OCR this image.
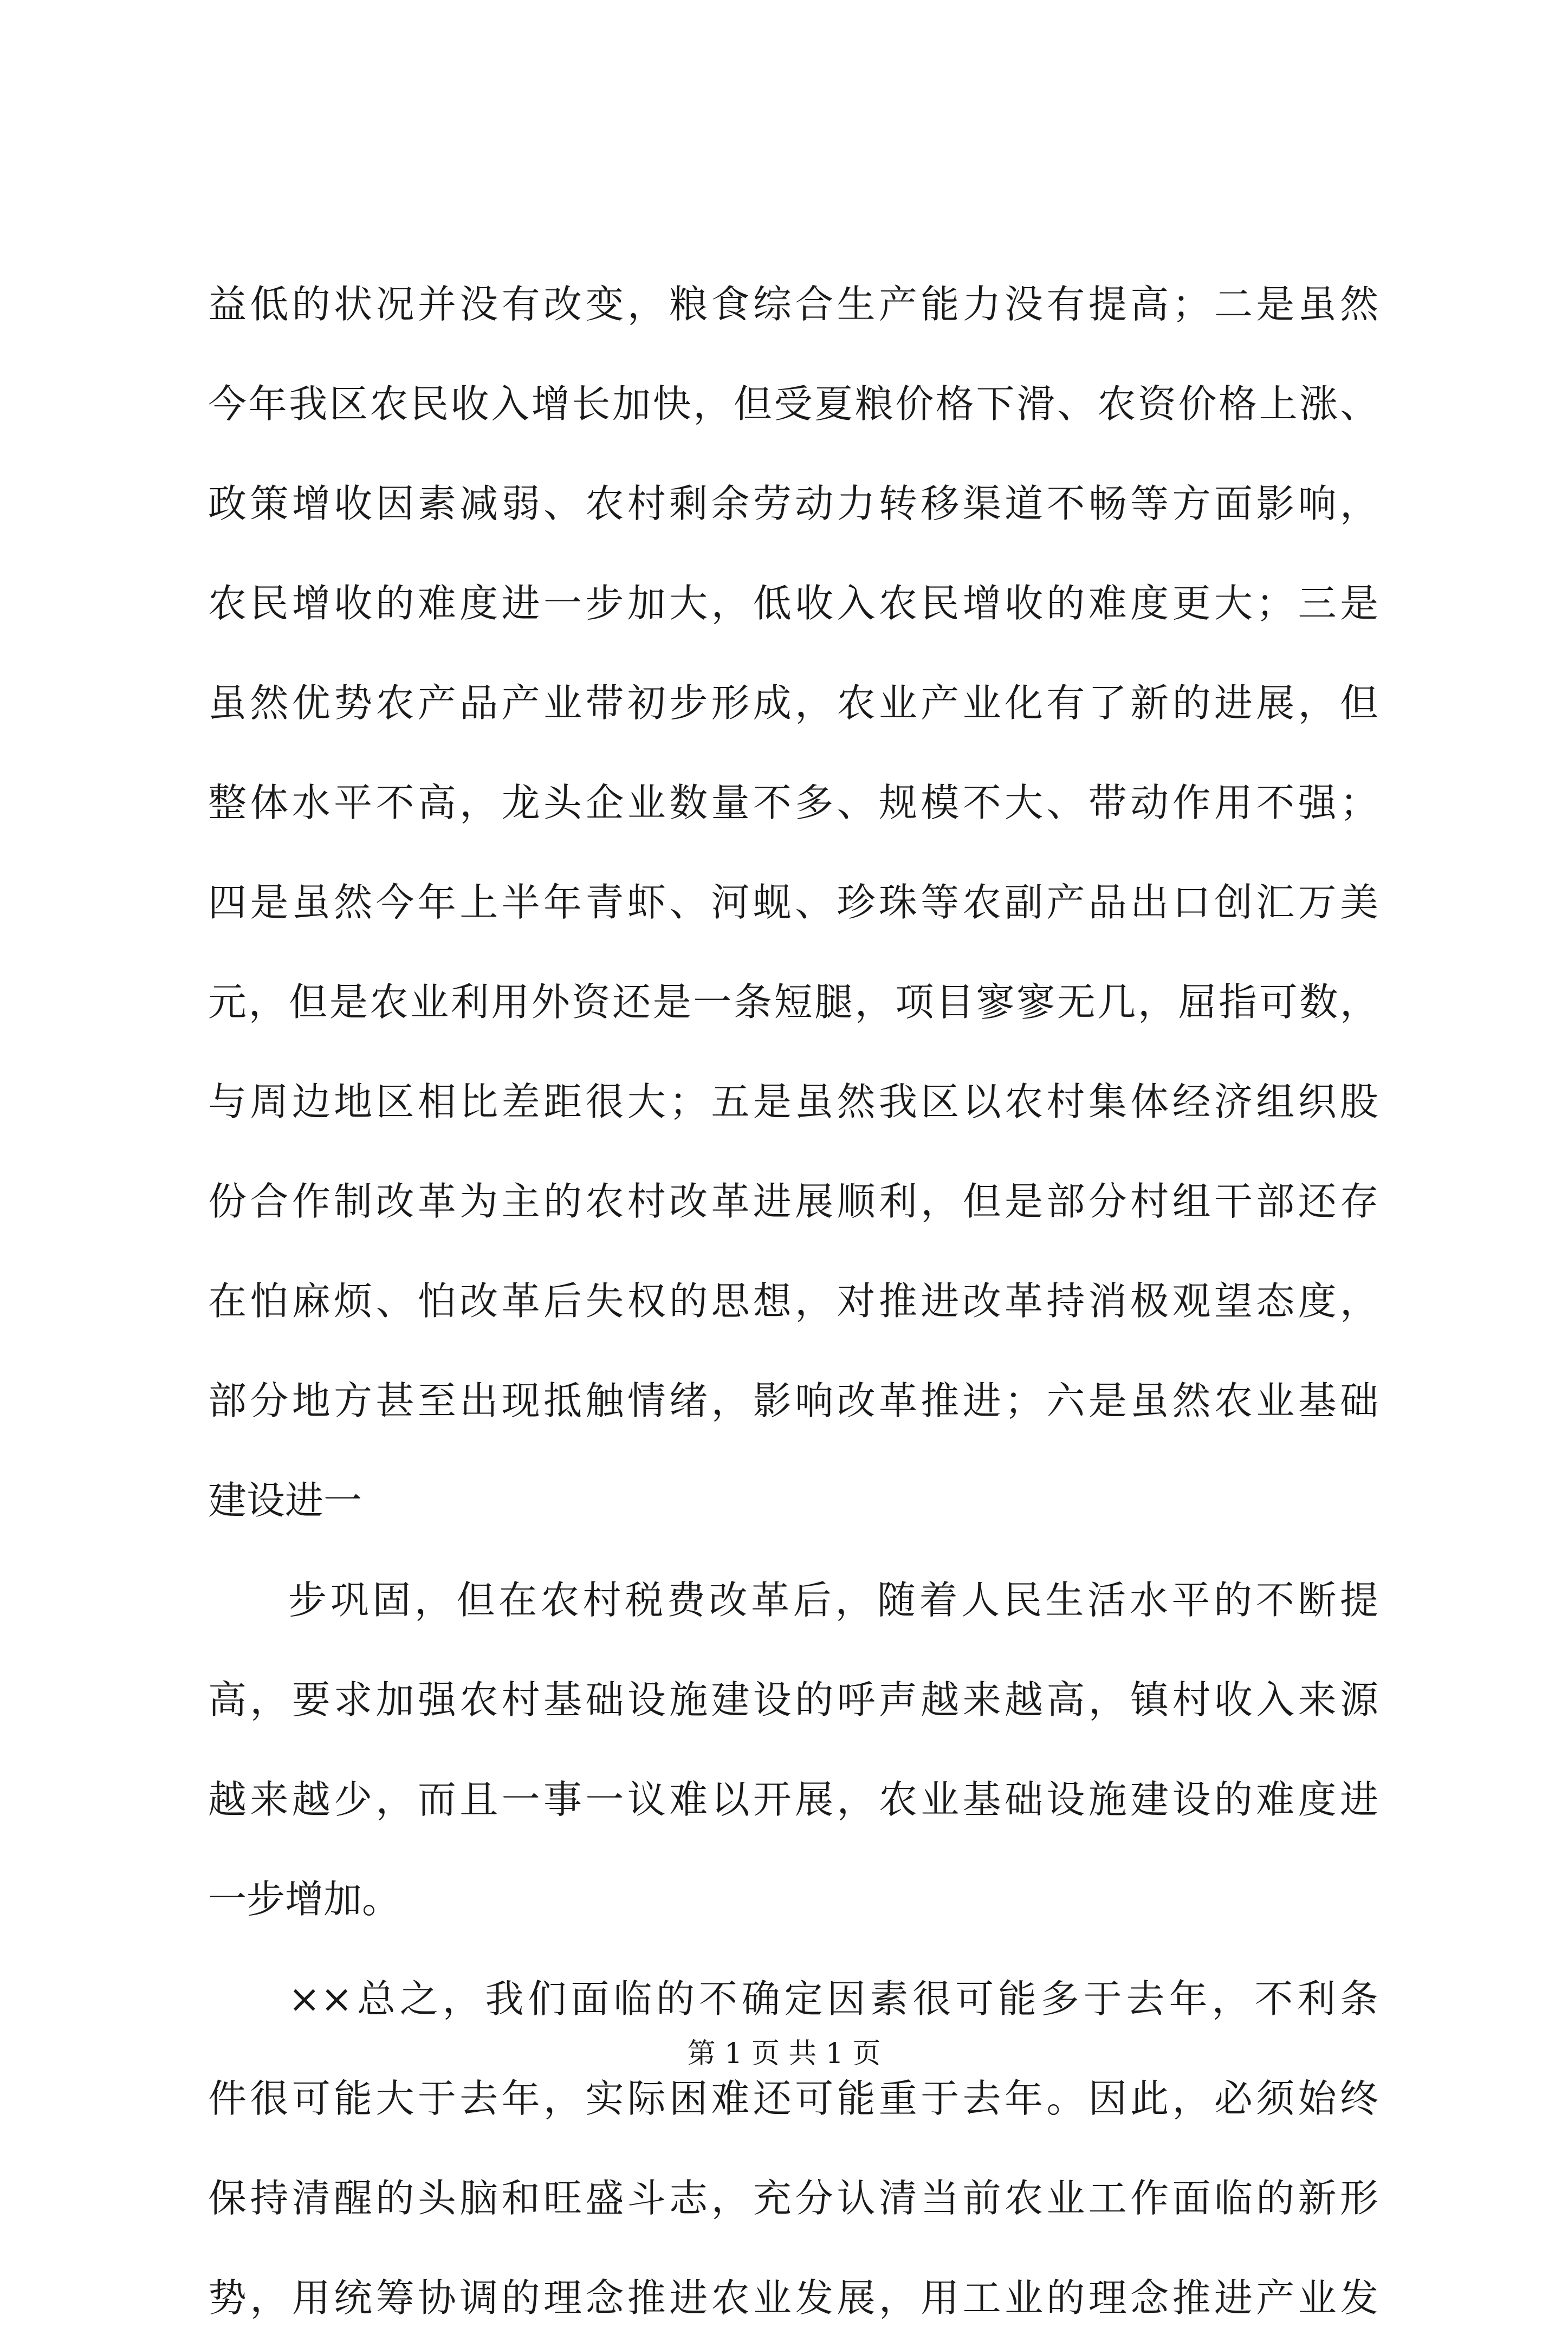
益低的状况并没有改变，粮食综合生产能力没有提高；二是虽然
今年我区农民收入增长加快，但受夏粮价格下滑、农资价格上涨、
政策增收因素减弱、农村剩余劳动力转移渠道不畅等方面影响，
农民增收的难度进一步加大，低收入农民增收的难度更大；三是
虽然优势农产品产业带初步形成，农业产业化有了新的进展，但
整体水平不高，龙头企业数量不多、规模不大、带动作用不强；
四是虽然今年上半年青虾、河蚬、珍珠等农副产品出口创汇万美
元，但是农业利用外资还是一条短腿，项目寥寥无几，屈指可数，
与周边地区相比差距很大；五是虽然我区以农村集体经济组织股
份合作制改革为主的农村改革进展顺利，但是部分村组干部还存
在怕麻烦、怕改革后失权的思想，对推进改革持消极观望态度，
部分地方甚至出现抵触情绪，影响改革推进；六是虽然农业基础
建设进一
步巩固，但在农村税费改革后，随着人民生活水平的不断提
高，要求加强农村基础设施建设的呼声越来越高，镇村收入来源
越来越少，而且一事一议难以开展，农业基础设施建设的难度进
一步增加。
××总之，我们面临的不确定因素很可能多于去年，不利条
件很可能大于去年，实际困难还可能重于去年。因此，必须始终
保持清醒的头脑和旺盛斗志，充分认清当前农业工作面临的新形
势，用统筹协调的理念推进农业发展，用工业的理念推进产业发
第 1 页 共 1 页
